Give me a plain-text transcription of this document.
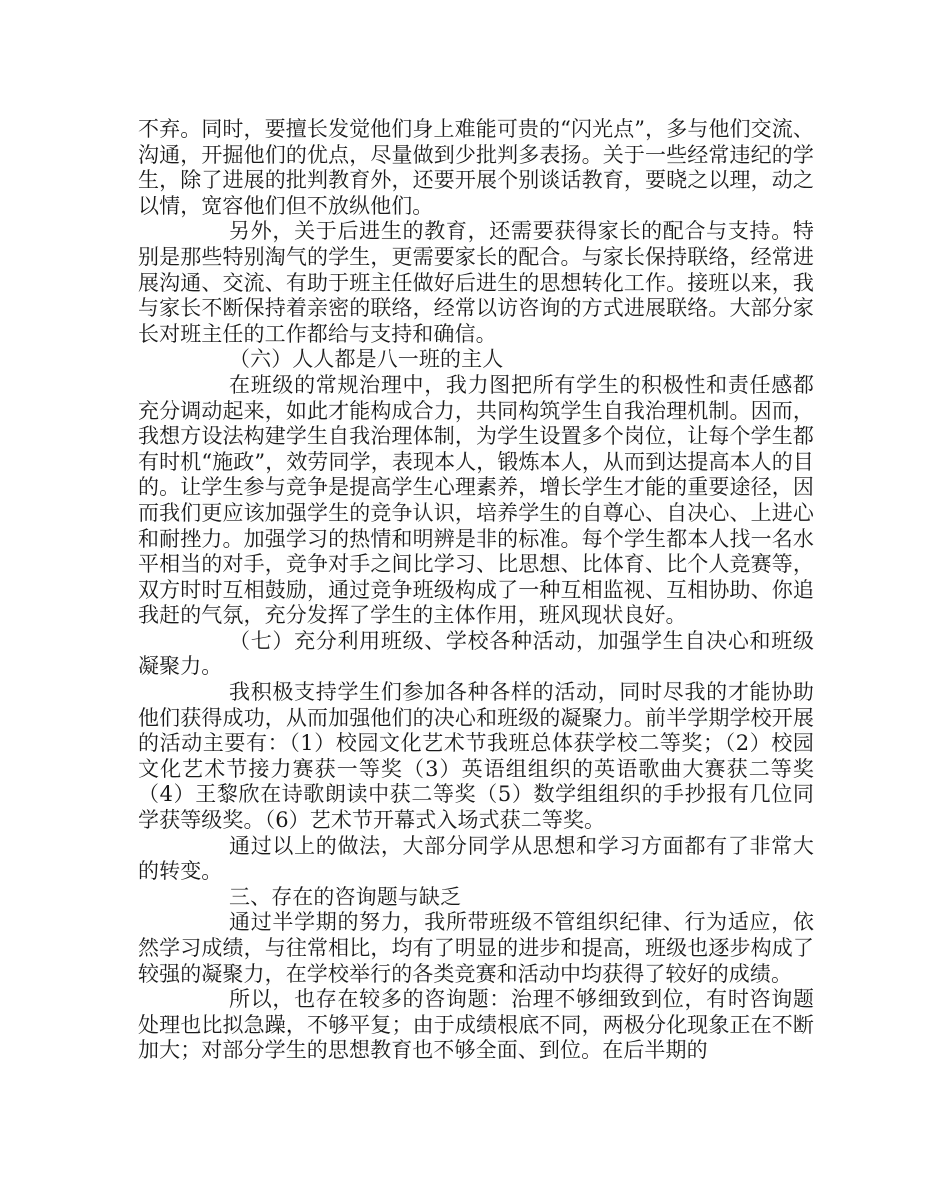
不弃。同时，要擅长发觉他们身上难能可贵的“闪光点”，多与他们交流、沟通，开掘他们的优点，尽量做到少批判多表扬。关于一些经常违纪的学生，除了进展的批判教育外，还要开展个别谈话教育，要晓之以理，动之以情，宽容他们但不放纵他们。

另外，关于后进生的教育，还需要获得家长的配合与支持。特别是那些特别淘气的学生，更需要家长的配合。与家长保持联络，经常进展沟通、交流、有助于班主任做好后进生的思想转化工作。接班以来，我与家长不断保持着亲密的联络，经常以访咨询的方式进展联络。大部分家长对班主任的工作都给与支持和确信。

（六）人人都是八一班的主人

在班级的常规治理中，我力图把所有学生的积极性和责任感都充分调动起来，如此才能构成合力，共同构筑学生自我治理机制。因而，我想方设法构建学生自我治理体制，为学生设置多个岗位，让每个学生都有时机“施政”，效劳同学，表现本人，锻炼本人，从而到达提高本人的目的。让学生参与竞争是提高学生心理素养，增长学生才能的重要途径，因而我们更应该加强学生的竞争认识，培养学生的自尊心、自决心、上进心和耐挫力。加强学习的热情和明辨是非的标准。每个学生都本人找一名水平相当的对手，竞争对手之间比学习、比思想、比体育、比个人竞赛等，双方时时互相鼓励，通过竞争班级构成了一种互相监视、互相协助、你追我赶的气氛，充分发挥了学生的主体作用，班风现状良好。

（七）充分利用班级、学校各种活动，加强学生自决心和班级凝聚力。

我积极支持学生们参加各种各样的活动，同时尽我的才能协助他们获得成功，从而加强他们的决心和班级的凝聚力。前半学期学校开展的活动主要有：（1）校园文化艺术节我班总体获学校二等奖；（2）校园文化艺术节接力赛获一等奖（3）英语组组织的英语歌曲大赛获二等奖（4）王黎欣在诗歌朗读中获二等奖（5）数学组组织的手抄报有几位同学获等级奖。（6）艺术节开幕式入场式获二等奖。

通过以上的做法，大部分同学从思想和学习方面都有了非常大的转变。

三、存在的咨询题与缺乏

通过半学期的努力，我所带班级不管组织纪律、行为适应，依然学习成绩，与往常相比，均有了明显的进步和提高，班级也逐步构成了较强的凝聚力，在学校举行的各类竞赛和活动中均获得了较好的成绩。

所以，也存在较多的咨询题：治理不够细致到位，有时咨询题处理也比拟急躁，不够平复；由于成绩根底不同，两极分化现象正在不断加大；对部分学生的思想教育也不够全面、到位。在后半期的
